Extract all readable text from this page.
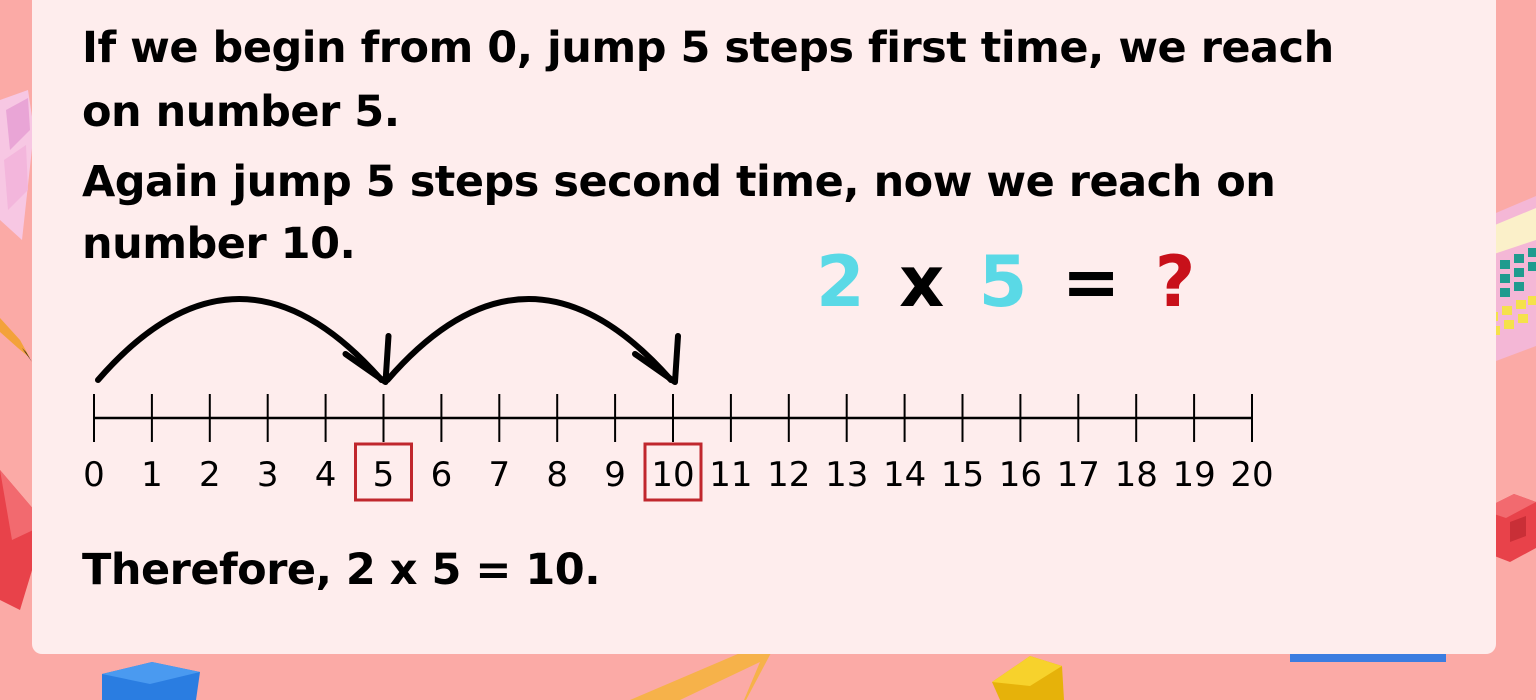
If we begin from 0, jump 5 steps first time, we reach
on number 5.
Again jump 5 steps second time, now we reach on
number 10.
Therefore, 2 x 5 = 10.
2 x 5 = ?
0 1 2 3 4 5 6 7 8 9 10 11 12 13 14 15 16 17 18 19 20
